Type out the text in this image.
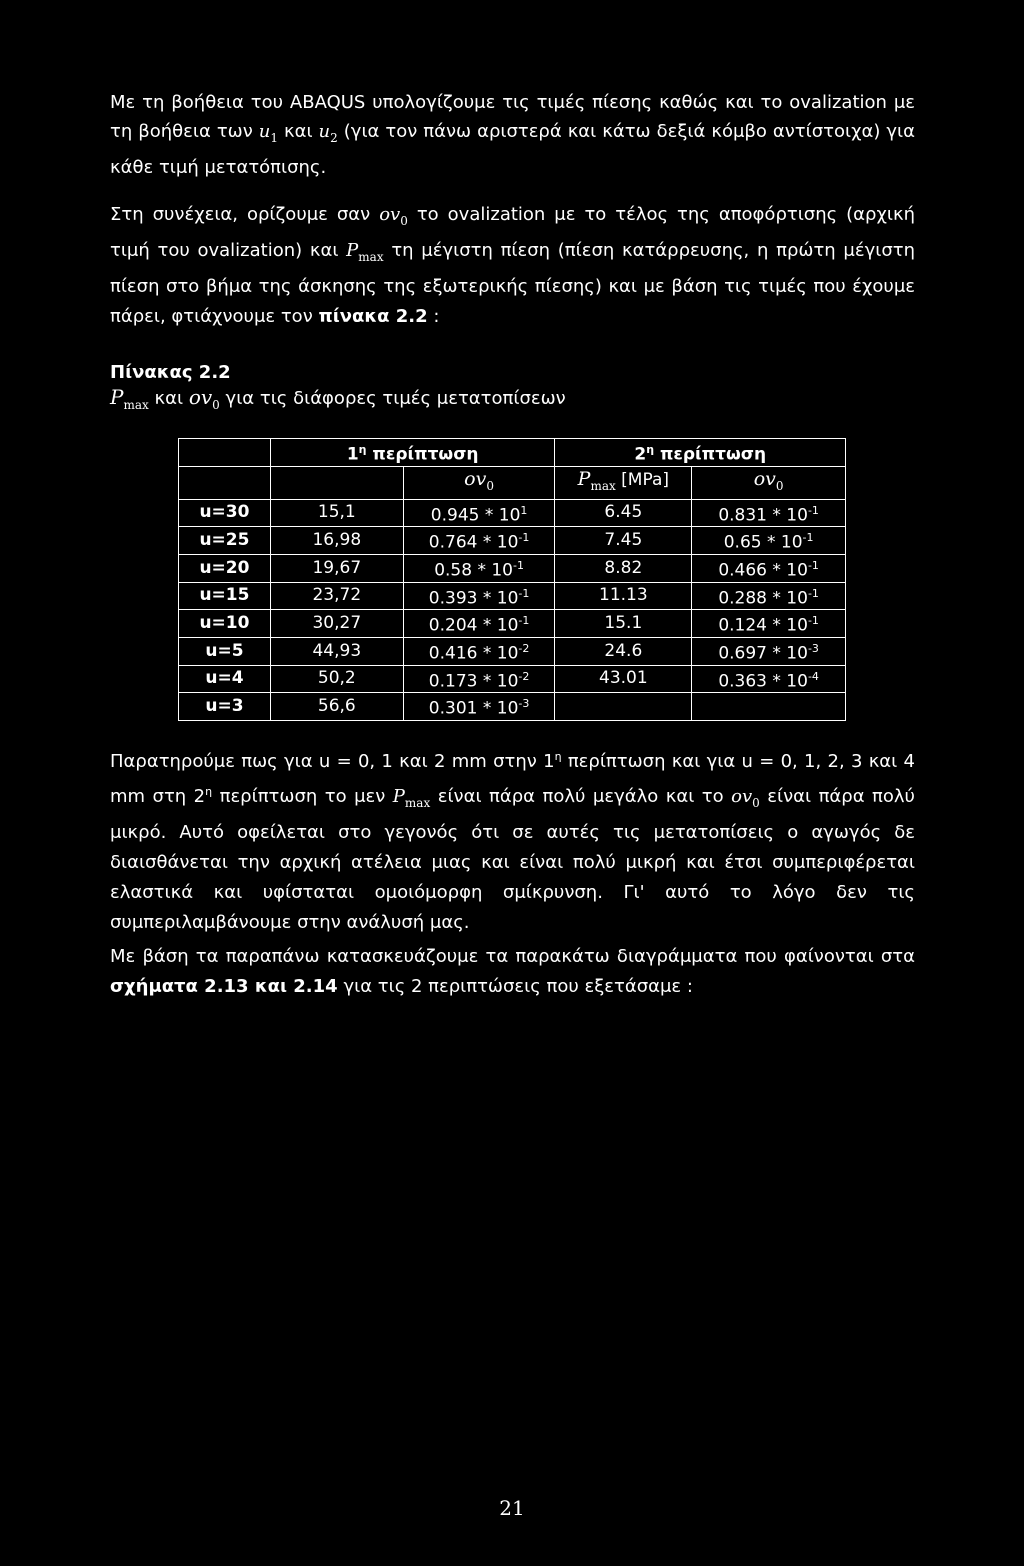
Με τη βοήθεια του ABAQUS υπολογίζουμε τις τιμές πίεσης καθώς και το ovalization με τη βοήθεια των $u_1$ και $u_2$ (για τον πάνω αριστερά και κάτω δεξιά κόμβο αντίστοιχα) για κάθε τιμή μετατόπισης.
Στη συνέχεια, ορίζουμε σαν $ov_0$ το ovalization με το τέλος της αποφόρτισης (αρχική τιμή του ovalization) και $P_{max}$ τη μέγιστη πίεση (πίεση κατάρρευσης, η πρώτη μέγιστη πίεση στο βήμα της άσκησης της εξωτερικής πίεσης) και με βάση τις τιμές που έχουμε πάρει, φτιάχνουμε τον πίνακα 2.2 :
Πίνακας 2.2
$P_{max}$ και $ov_0$ για τις διάφορες τιμές μετατοπίσεων
	$1^\eta$ περίπτωση		$2^\eta$ περίπτωση	
		$ov_0$	$P_{max}$ [MPa]	$ov_0$
u=30	15,1	$0.945 * 10^1$	6.45	$0.831 * 10^{-1}$
u=25	16,98	$0.764 * 10^{-1}$	7.45	$0.65 * 10^{-1}$
u=20	19,67	$0.58 * 10^{-1}$	8.82	$0.466 * 10^{-1}$
u=15	23,72	$0.393 * 10^{-1}$	11.13	$0.288 * 10^{-1}$
u=10	30,27	$0.204 * 10^{-1}$	15.1	$0.124 * 10^{-1}$
u=5	44,93	$0.416 * 10^{-2}$	24.6	$0.697 * 10^{-3}$
u=4	50,2	$0.173 * 10^{-2}$	43.01	$0.363 * 10^{-4}$
u=3	56,6	$0.301 * 10^{-3}$		
Παρατηρούμε πως για u = 0, 1 και 2 mm στην $1^\eta$ περίπτωση και για u = 0, 1, 2, 3 και 4 mm στη $2^\eta$ περίπτωση το μεν $P_{max}$ είναι πάρα πολύ μεγάλο και το $ov_0$ είναι πάρα πολύ μικρό. Αυτό οφείλεται στο γεγονός ότι σε αυτές τις μετατοπίσεις ο αγωγός δε διαισθάνεται την αρχική ατέλεια μιας και είναι πολύ μικρή και έτσι συμπεριφέρεται ελαστικά και υφίσταται ομοιόμορφη σμίκρυνση. Γι' αυτό το λόγο δεν τις συμπεριλαμβάνουμε στην ανάλυσή μας.
Με βάση τα παραπάνω κατασκευάζουμε τα παρακάτω διαγράμματα που φαίνονται στα σχήματα 2.13 και 2.14 για τις 2 περιπτώσεις που εξετάσαμε :
21
